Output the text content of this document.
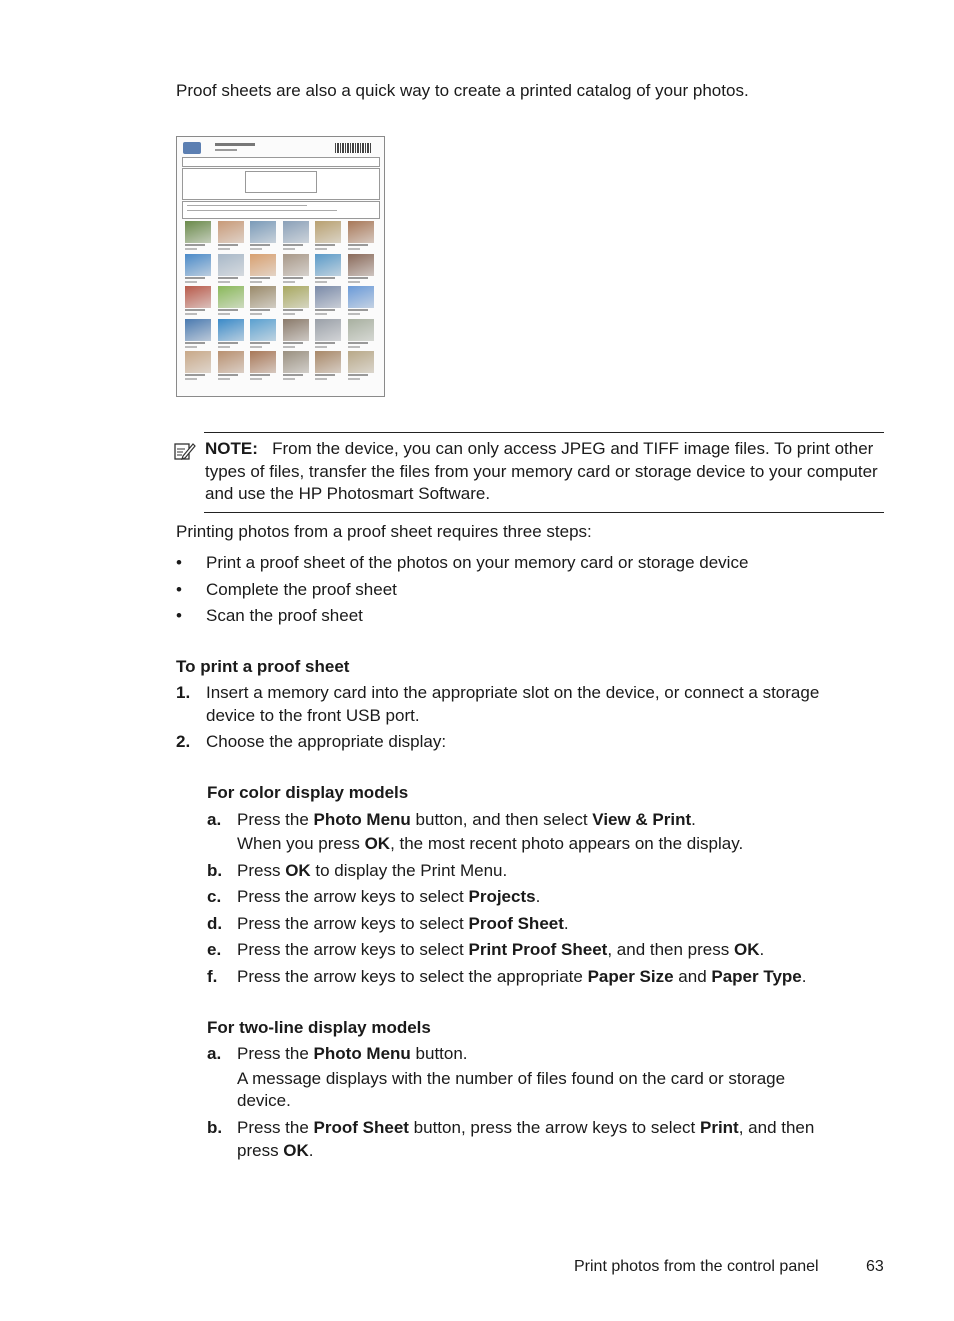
Proof sheets are also a quick way to create a printed catalog of your photos.

NOTE: From the device, you can only access JPEG and TIFF image files. To print other types of files, transfer the files from your memory card or storage device to your computer and use the HP Photosmart Software.

Printing photos from a proof sheet requires three steps:

• Print a proof sheet of the photos on your memory card or storage device

• Complete the proof sheet

• Scan the proof sheet

To print a proof sheet

1. Insert a memory card into the appropriate slot on the device, or connect a storage

device to the front USB port.

2. Choose the appropriate display:

For color display models

a. Press the Photo Menu button, and then select View & Print.

When you press OK, the most recent photo appears on the display.

b. Press OK to display the Print Menu.

c. Press the arrow keys to select Projects.

d. Press the arrow keys to select Proof Sheet.

e. Press the arrow keys to select Print Proof Sheet, and then press OK.

f. Press the arrow keys to select the appropriate Paper Size and Paper Type.

For two-line display models

a. Press the Photo Menu button.

A message displays with the number of files found on the card or storage

device.

b. Press the Proof Sheet button, press the arrow keys to select Print, and then

press OK.

Print photos from the control panel	63
